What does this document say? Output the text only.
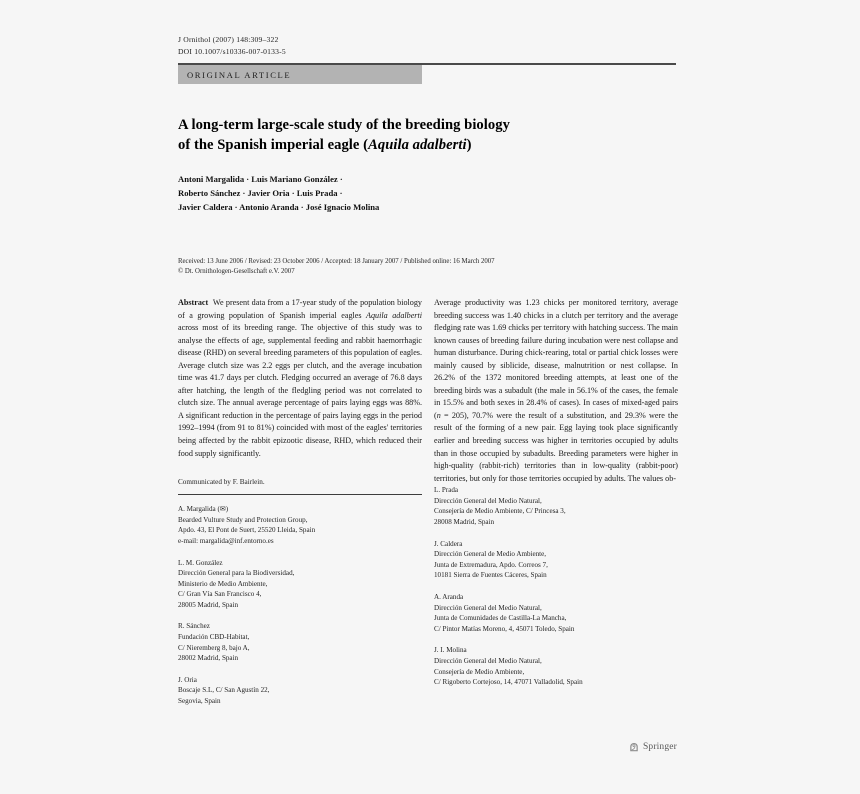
J Ornithol (2007) 148:309–322
DOI 10.1007/s10336-007-0133-5
ORIGINAL ARTICLE
A long-term large-scale study of the breeding biology
of the Spanish imperial eagle (Aquila adalberti)
Antoni Margalida · Luis Mariano González ·
Roberto Sánchez · Javier Oria · Luis Prada ·
Javier Caldera · Antonio Aranda · José Ignacio Molina
Received: 13 June 2006 / Revised: 23 October 2006 / Accepted: 18 January 2007 / Published online: 16 March 2007
© Dt. Ornithologen-Gesellschaft e.V. 2007
Abstract We present data from a 17-year study of the population biology of a growing population of Spanish imperial eagles Aquila adalberti across most of its breeding range. The objective of this study was to analyse the effects of age, supplemental feeding and rabbit haemorrhagic disease (RHD) on several breeding parameters of this population of eagles. Average clutch size was 2.2 eggs per clutch, and the average incubation time was 41.7 days per clutch. Fledging occurred an average of 76.8 days after hatching, the length of the fledgling period was not correlated to clutch size. The annual average percentage of pairs laying eggs was 88%. A significant reduction in the percentage of pairs laying eggs in the period 1992–1994 (from 91 to 81%) coincided with most of the eagles' territories being affected by the rabbit epizootic disease, RHD, which reduced their food supply significantly.
Communicated by F. Bairlein.
A. Margalida (✉)
Bearded Vulture Study and Protection Group,
Apdo. 43, El Pont de Suert, 25520 Lleida, Spain
e-mail: margalida@inf.entorno.es
L. M. González
Dirección General para la Biodiversidad,
Ministerio de Medio Ambiente,
C/ Gran Vía San Francisco 4,
28005 Madrid, Spain
R. Sánchez
Fundación CBD-Habitat,
C/ Nieremberg 8, bajo A,
28002 Madrid, Spain
J. Oria
Boscaje S.L, C/ San Agustín 22,
Segovia, Spain
Average productivity was 1.23 chicks per monitored territory, average breeding success was 1.40 chicks in a clutch per territory and the average fledging rate was 1.69 chicks per territory with hatching success. The main known causes of breeding failure during incubation were nest collapse and human disturbance. During chick-rearing, total or partial chick losses were mainly caused by siblicide, disease, malnutrition or nest collapse. In 26.2% of the 1372 monitored breeding attempts, at least one of the breeding birds was a subadult (the male in 56.1% of the cases, the female in 15.5% and both sexes in 28.4% of cases). In cases of mixed-aged pairs (n = 205), 70.7% were the result of a substitution, and 29.3% were the result of the forming of a new pair. Egg laying took place significantly earlier and breeding success was higher in territories occupied by adults than in those occupied by subadults. Breeding parameters were higher in high-quality (rabbit-rich) territories than in low-quality (rabbit-poor) territories, but only for those territories occupied by adults. The values ob-
L. Prada
Dirección General del Medio Natural,
Consejería de Medio Ambiente, C/ Princesa 3,
28008 Madrid, Spain
J. Caldera
Dirección General de Medio Ambiente,
Junta de Extremadura, Apdo. Correos 7,
10181 Sierra de Fuentes Cáceres, Spain
A. Aranda
Dirección General del Medio Natural,
Junta de Comunidades de Castilla-La Mancha,
C/ Pintor Matías Moreno, 4, 45071 Toledo, Spain
J. I. Molina
Dirección General del Medio Natural,
Consejería de Medio Ambiente,
C/ Rigoberto Cortejoso, 14, 47071 Valladolid, Spain
Springer
